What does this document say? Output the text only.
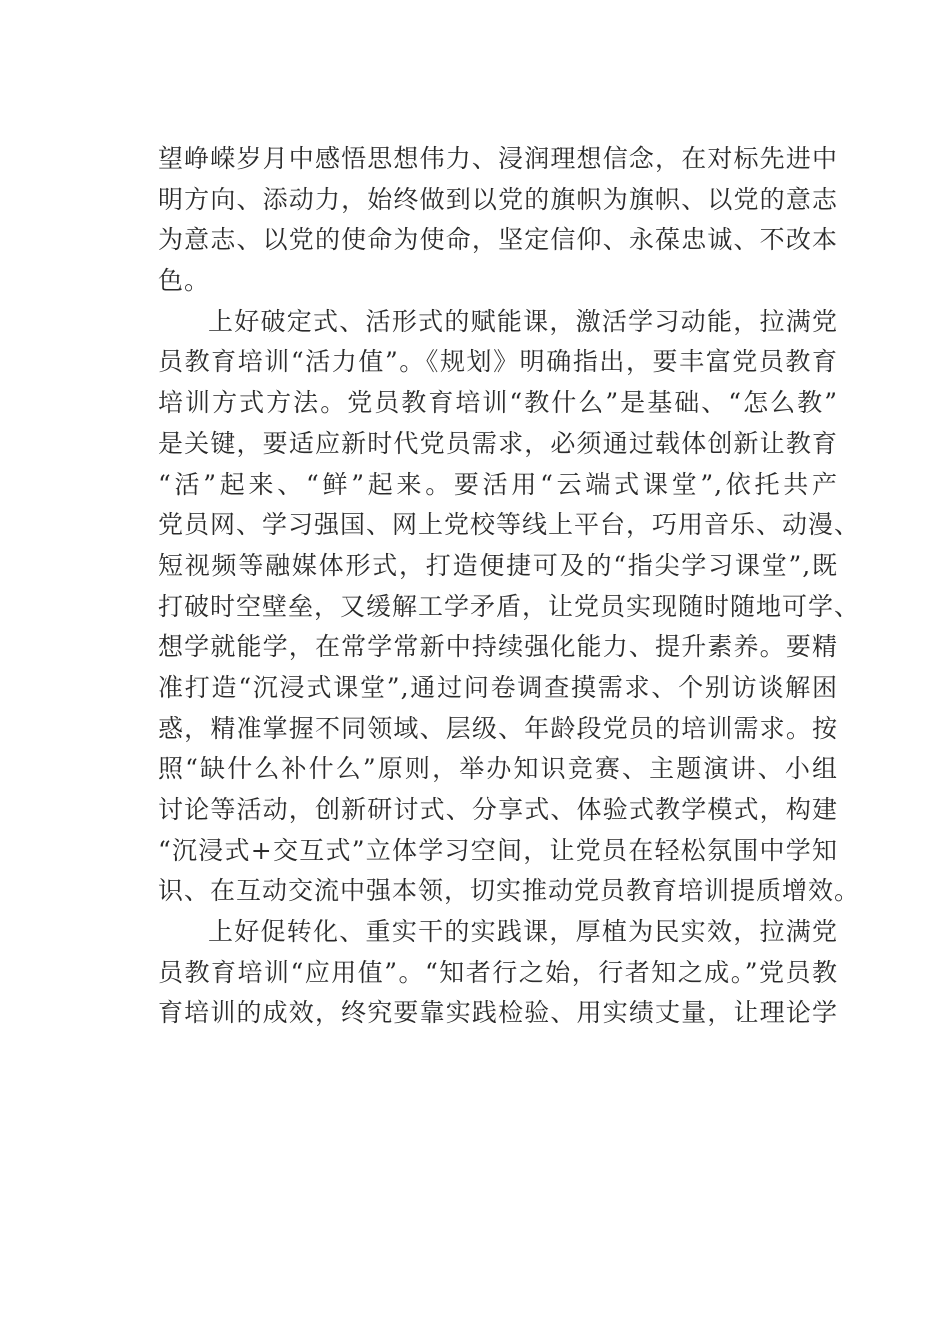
望峥嵘岁月中感悟思想伟力、浸润理想信念，在对标先进中
明方向、添动力，始终做到以党的旗帜为旗帜、以党的意志
为意志、以党的使命为使命，坚定信仰、永葆忠诚、不改本
色。
上好破定式、活形式的赋能课，激活学习动能，拉满党
员教育培训“活力值”。《规划》明确指出，要丰富党员教育
培训方式方法。党员教育培训“教什么”是基础、“怎么教”
是关键，要适应新时代党员需求，必须通过载体创新让教育
“活”起来、“鲜”起来。要活用“云端式课堂”,依托共产
党员网、学习强国、网上党校等线上平台，巧用音乐、动漫、
短视频等融媒体形式，打造便捷可及的“指尖学习课堂”,既
打破时空壁垒，又缓解工学矛盾，让党员实现随时随地可学、
想学就能学，在常学常新中持续强化能力、提升素养。要精
准打造“沉浸式课堂”,通过问卷调查摸需求、个别访谈解困
惑，精准掌握不同领域、层级、年龄段党员的培训需求。按
照“缺什么补什么”原则，举办知识竞赛、主题演讲、小组
讨论等活动，创新研讨式、分享式、体验式教学模式，构建
“沉浸式+交互式”立体学习空间，让党员在轻松氛围中学知
识、在互动交流中强本领，切实推动党员教育培训提质增效。
上好促转化、重实干的实践课，厚植为民实效，拉满党
员教育培训“应用值”。“知者行之始，行者知之成。”党员教
育培训的成效，终究要靠实践检验、用实绩丈量，让理论学
